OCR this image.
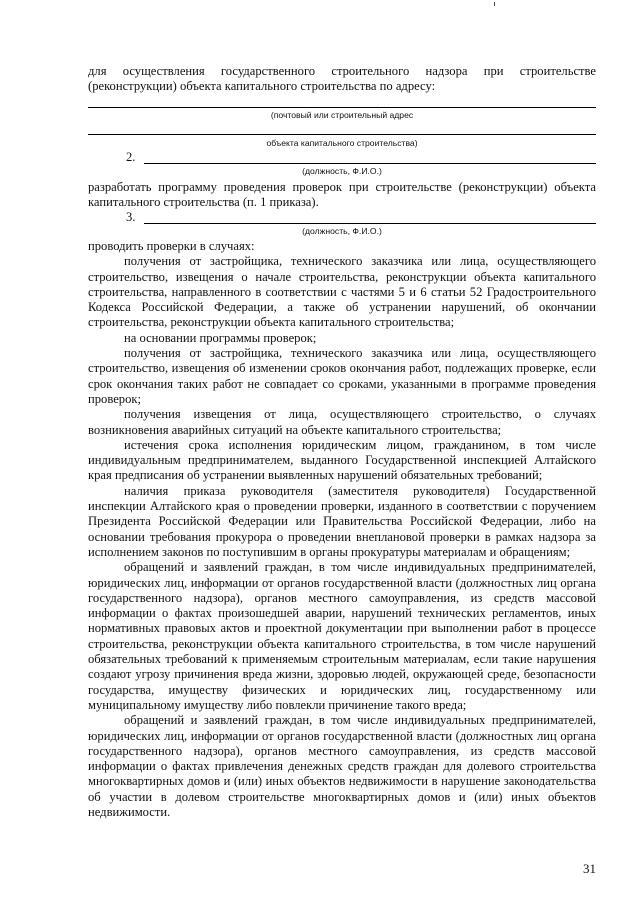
для осуществления государственного строительного надзора при строительстве

(реконструкции) объекта капитального строительства по адресу:

(почтовый или строительный адрес
объекта капитального строительства)
2.
(должность, Ф.И.О.)

разработать программу проведения проверок при строительстве (реконструкции) объекта капитального строительства (п. 1 приказа).

3.
(должность, Ф.И.О.)

проводить проверки в случаях:

получения от застройщика, технического заказчика или лица, осуществляющего строительство, извещения о начале строительства, реконструкции объекта капитального строительства, направленного в соответствии с частями 5 и 6 статьи 52 Градостроительного Кодекса Российской Федерации, а также об устранении нарушений, об окончании строительства, реконструкции объекта капитального строительства;

на основании программы проверок;

получения от застройщика, технического заказчика или лица, осуществляющего строительство, извещения об изменении сроков окончания работ, подлежащих проверке, если срок окончания таких работ не совпадает со сроками, указанными в программе проведения проверок;

получения извещения от лица, осуществляющего строительство, о случаях возникновения аварийных ситуаций на объекте капитального строительства;

истечения срока исполнения юридическим лицом, гражданином, в том числе индивидуальным предпринимателем, выданного Государственной инспекцией Алтайского края предписания об устранении выявленных нарушений обязательных требований;

наличия приказа руководителя (заместителя руководителя) Государственной инспекции Алтайского края о проведении проверки, изданного в соответствии с поручением Президента Российской Федерации или Правительства Российской Федерации, либо на основании требования прокурора о проведении внеплановой проверки в рамках надзора за исполнением законов по поступившим в органы прокуратуры материалам и обращениям;

обращений и заявлений граждан, в том числе индивидуальных предпринимателей, юридических лиц, информации от органов государственной власти (должностных лиц органа государственного надзора), органов местного самоуправления, из средств массовой информации о фактах произошедшей аварии, нарушений технических регламентов, иных нормативных правовых актов и проектной документации при выполнении работ в процессе строительства, реконструкции объекта капитального строительства, в том числе нарушений обязательных требований к применяемым строительным материалам, если такие нарушения создают угрозу причинения вреда жизни, здоровью людей, окружающей среде, безопасности государства, имуществу физических и юридических лиц, государственному или муниципальному имуществу либо повлекли причинение такого вреда;

обращений и заявлений граждан, в том числе индивидуальных предпринимателей, юридических лиц, информации от органов государственной власти (должностных лиц органа государственного надзора), органов местного самоуправления, из средств массовой информации о фактах привлечения денежных средств граждан для долевого строительства многоквартирных домов и (или) иных объектов недвижимости в нарушение законодательства об участии в долевом строительстве многоквартирных домов и (или) иных объектов недвижимости.

31
